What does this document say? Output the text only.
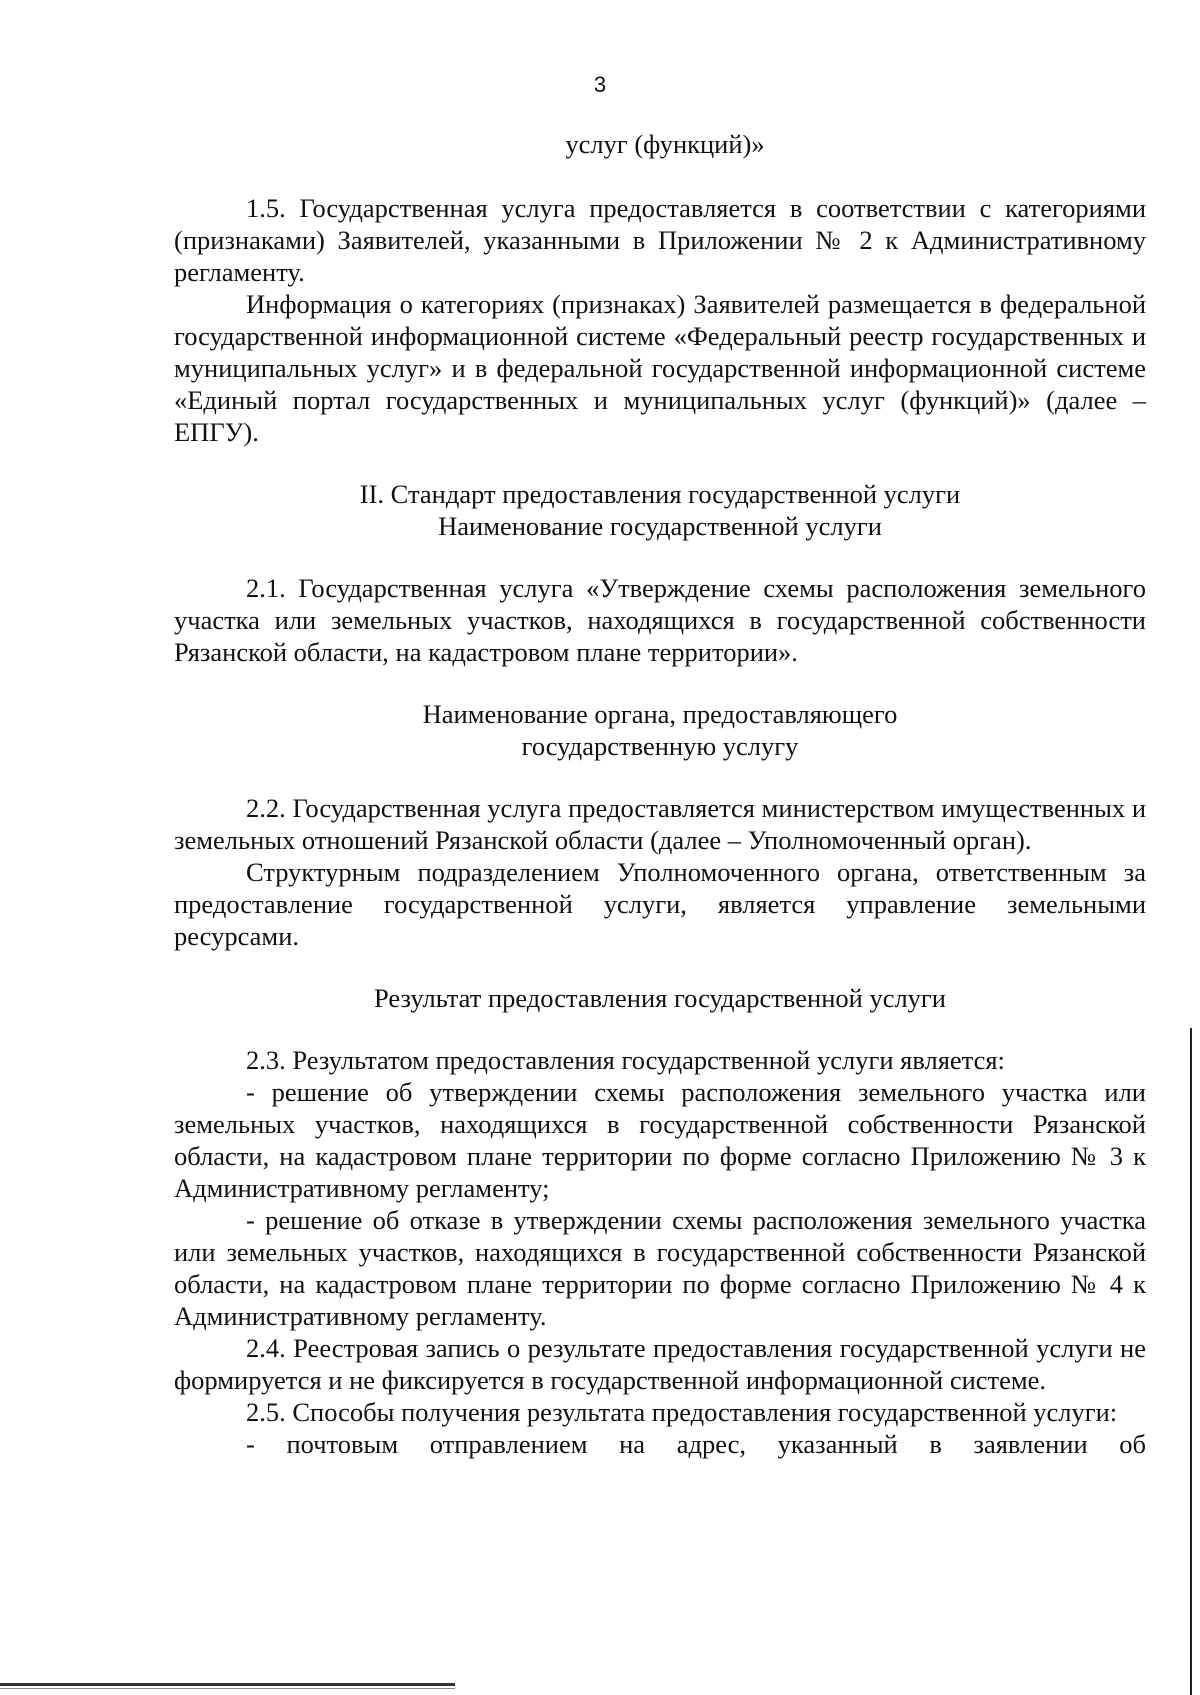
3
услуг (функций)»

1.5. Государственная услуга предоставляется в соответствии с категориями (признаками) Заявителей, указанными в Приложении № 2 к Административному регламенту.

Информация о категориях (признаках) Заявителей размещается в федеральной государственной информационной системе «Федеральный реестр государственных и муниципальных услуг» и в федеральной государственной информационной системе «Единый портал государственных и муниципальных услуг (функций)» (далее – ЕПГУ).

II. Стандарт предоставления государственной услуги
Наименование государственной услуги

2.1. Государственная услуга «Утверждение схемы расположения земельного участка или земельных участков, находящихся в государственной собственности Рязанской области, на кадастровом плане территории».

Наименование органа, предоставляющего
государственную услугу

2.2. Государственная услуга предоставляется министерством имущественных и земельных отношений Рязанской области (далее – Уполномоченный орган).

Структурным подразделением Уполномоченного органа, ответственным за предоставление государственной услуги, является управление земельными ресурсами.

Результат предоставления государственной услуги

2.3. Результатом предоставления государственной услуги является:

- решение об утверждении схемы расположения земельного участка или земельных участков, находящихся в государственной собственности Рязанской области, на кадастровом плане территории по форме согласно Приложению № 3 к Административному регламенту;

- решение об отказе в утверждении схемы расположения земельного участка или земельных участков, находящихся в государственной собственности Рязанской области, на кадастровом плане территории по форме согласно Приложению № 4 к Административному регламенту.

2.4. Реестровая запись о результате предоставления государственной услуги не формируется и не фиксируется в государственной информационной системе.

2.5. Способы получения результата предоставления государственной услуги:

- почтовым отправлением на адрес, указанный в заявлении об
